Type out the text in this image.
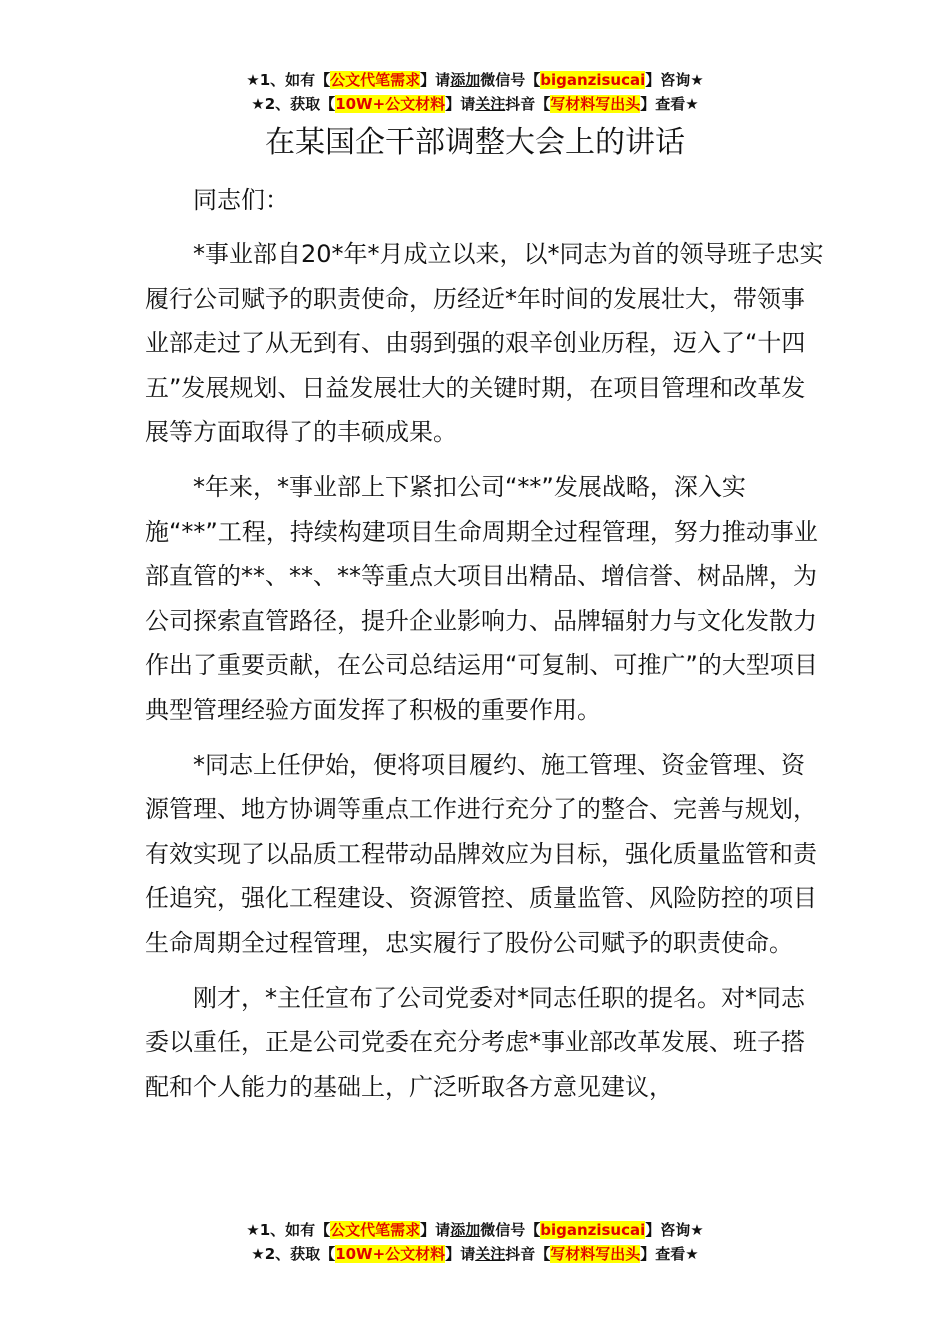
★1、如有【公文代笔需求】请添加微信号【biganzisucai】咨询★
★2、获取【10W+公文材料】请关注抖音【写材料写出头】查看★
在某国企干部调整大会上的讲话
同志们：

*事业部自20*年*月成立以来，以*同志为首的领导班子忠实履行公司赋予的职责使命，历经近*年时间的发展壮大，带领事业部走过了从无到有、由弱到强的艰辛创业历程，迈入了“十四五”发展规划、日益发展壮大的关键时期，在项目管理和改革发展等方面取得了的丰硕成果。

*年来，*事业部上下紧扣公司“**”发展战略，深入实施“**”工程，持续构建项目生命周期全过程管理，努力推动事业部直管的**、**、**等重点大项目出精品、增信誉、树品牌，为公司探索直管路径，提升企业影响力、品牌辐射力与文化发散力作出了重要贡献，在公司总结运用“可复制、可推广”的大型项目典型管理经验方面发挥了积极的重要作用。

*同志上任伊始，便将项目履约、施工管理、资金管理、资源管理、地方协调等重点工作进行充分了的整合、完善与规划，有效实现了以品质工程带动品牌效应为目标，强化质量监管和责任追究，强化工程建设、资源管控、质量监管、风险防控的项目生命周期全过程管理，忠实履行了股份公司赋予的职责使命。

刚才，*主任宣布了公司党委对*同志任职的提名。对*同志委以重任，正是公司党委在充分考虑*事业部改革发展、班子搭配和个人能力的基础上，广泛听取各方意见建议，

★1、如有【公文代笔需求】请添加微信号【biganzisucai】咨询★
★2、获取【10W+公文材料】请关注抖音【写材料写出头】查看★
